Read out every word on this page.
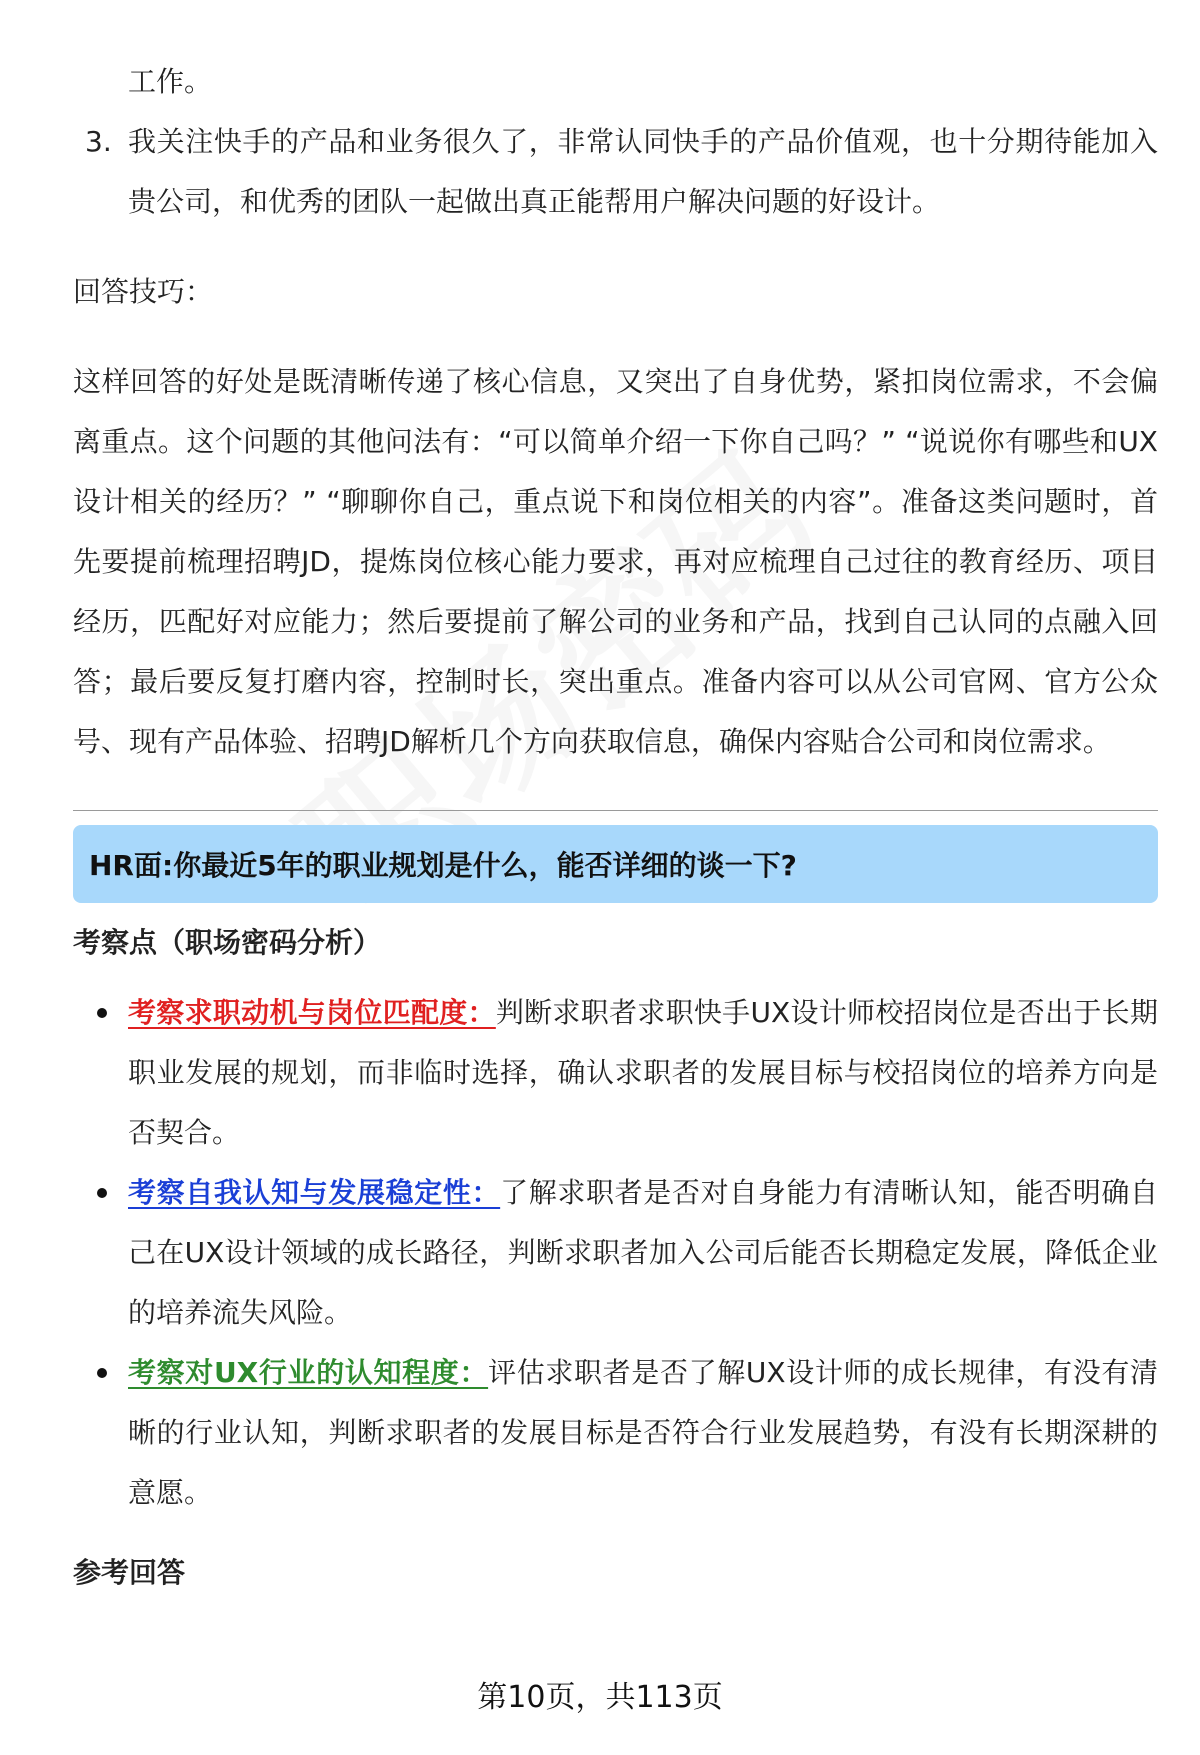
工作。
3. 我关注快手的产品和业务很久了，非常认同快手的产品价值观，也十分期待能加入贵公司，和优秀的团队一起做出真正能帮用户解决问题的好设计。
回答技巧：
这样回答的好处是既清晰传递了核心信息，又突出了自身优势，紧扣岗位需求，不会偏离重点。这个问题的其他问法有：“可以简单介绍一下你自己吗？” “说说你有哪些和UX设计相关的经历？” “聊聊你自己，重点说下和岗位相关的内容”。准备这类问题时，首先要提前梳理招聘JD，提炼岗位核心能力要求，再对应梳理自己过往的教育经历、项目经历，匹配好对应能力；然后要提前了解公司的业务和产品，找到自己认同的点融入回答；最后要反复打磨内容，控制时长，突出重点。准备内容可以从公司官网、官方公众号、现有产品体验、招聘JD解析几个方向获取信息，确保内容贴合公司和岗位需求。
HR面:你最近5年的职业规划是什么，能否详细的谈一下?
考察点（职场密码分析）
考察求职动机与岗位匹配度：判断求职者求职快手UX设计师校招岗位是否出于长期职业发展的规划，而非临时选择，确认求职者的发展目标与校招岗位的培养方向是否契合。
考察自我认知与发展稳定性：了解求职者是否对自身能力有清晰认知，能否明确自己在UX设计领域的成长路径，判断求职者加入公司后能否长期稳定发展，降低企业的培养流失风险。
考察对UX行业的认知程度：评估求职者是否了解UX设计师的成长规律，有没有清晰的行业认知，判断求职者的发展目标是否符合行业发展趋势，有没有长期深耕的意愿。
参考回答
第10页，共113页
